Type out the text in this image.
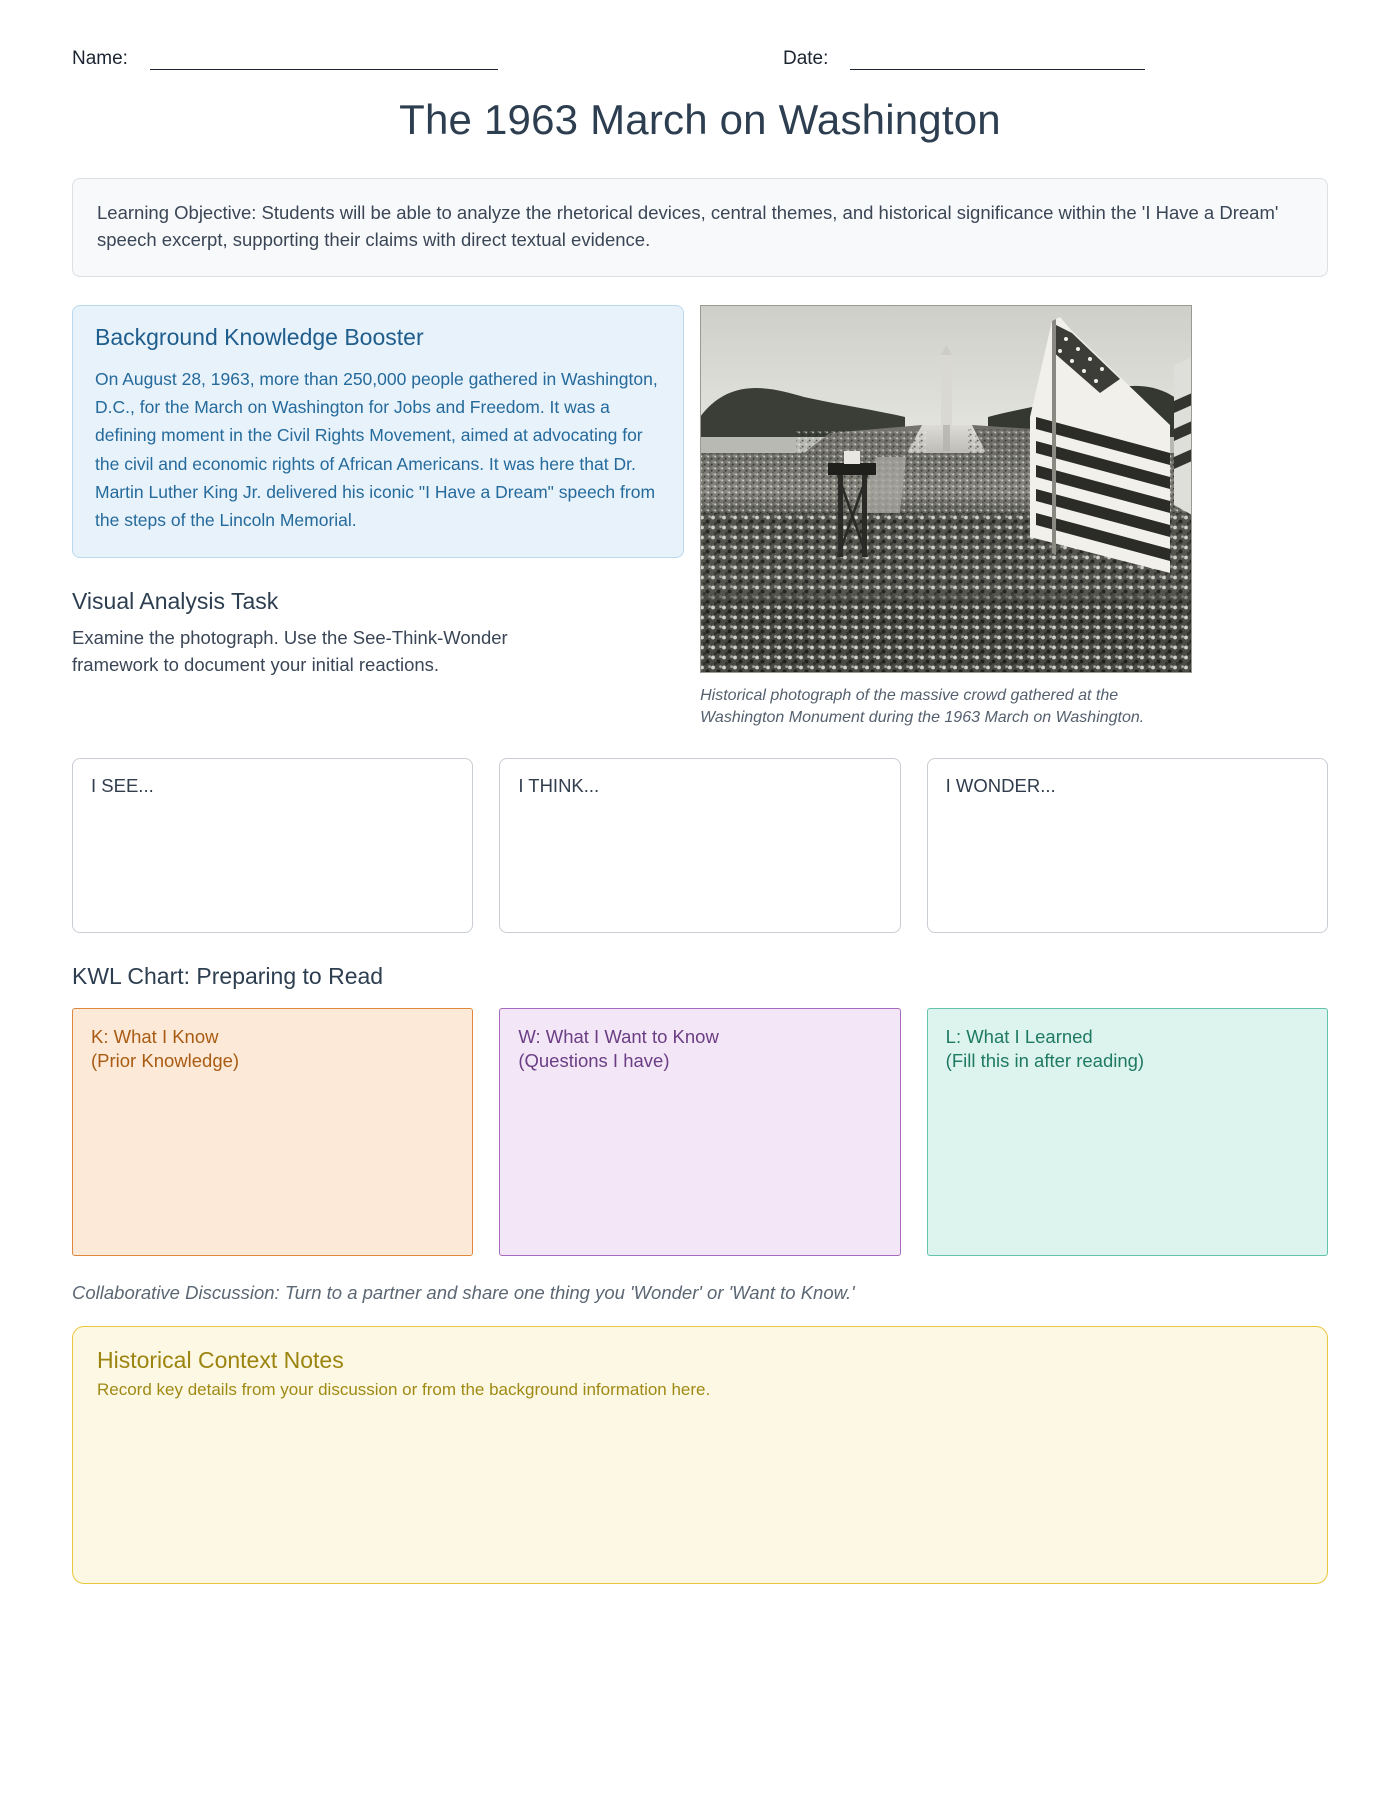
Name:	Date:
The 1963 March on Washington
Learning Objective: Students will be able to analyze the rhetorical devices, central themes, and historical significance within the 'I Have a Dream' speech excerpt, supporting their claims with direct textual evidence.
Background Knowledge Booster

On August 28, 1963, more than 250,000 people gathered in Washington, D.C., for the March on Washington for Jobs and Freedom. It was a defining moment in the Civil Rights Movement, aimed at advocating for the civil and economic rights of African Americans. It was here that Dr. Martin Luther King Jr. delivered his iconic "I Have a Dream" speech from the steps of the Lincoln Memorial.

Visual Analysis Task

Examine the photograph. Use the See-Think-Wonder framework to document your initial reactions.

Historical photograph of the massive crowd gathered at the Washington Monument during the 1963 March on Washington.
I SEE...	I THINK...	I WONDER...
KWL Chart: Preparing to Read
K: What I Know
(Prior Knowledge)
W: What I Want to Know
(Questions I have)
L: What I Learned
(Fill this in after reading)
Collaborative Discussion: Turn to a partner and share one thing you 'Wonder' or 'Want to Know.'
Historical Context Notes

Record key details from your discussion or from the background information here.
